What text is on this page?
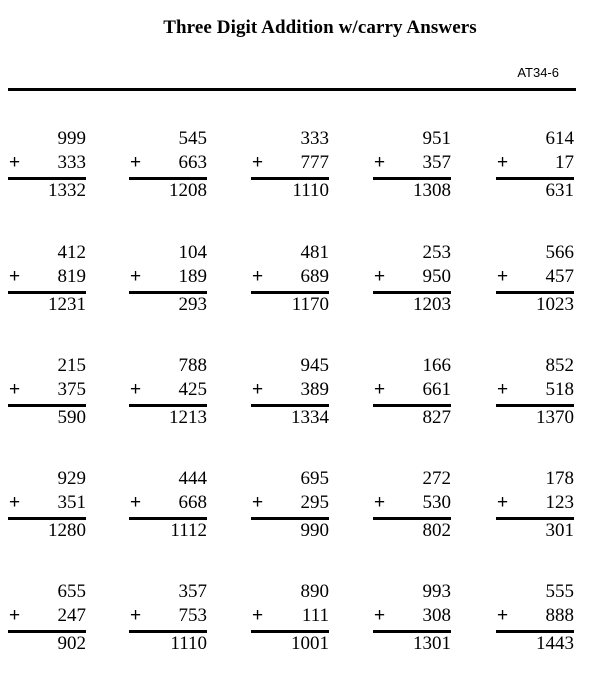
Three Digit Addition w/carry Answers
AT34-6
999
+ 333
1332
545
+ 663
1208
333
+ 777
1110
951
+ 357
1308
614
+ 17
631
412
+ 819
1231
104
+ 189
293
481
+ 689
1170
253
+ 950
1203
566
+ 457
1023
215
+ 375
590
788
+ 425
1213
945
+ 389
1334
166
+ 661
827
852
+ 518
1370
929
+ 351
1280
444
+ 668
1112
695
+ 295
990
272
+ 530
802
178
+ 123
301
655
+ 247
902
357
+ 753
1110
890
+ 111
1001
993
+ 308
1301
555
+ 888
1443
